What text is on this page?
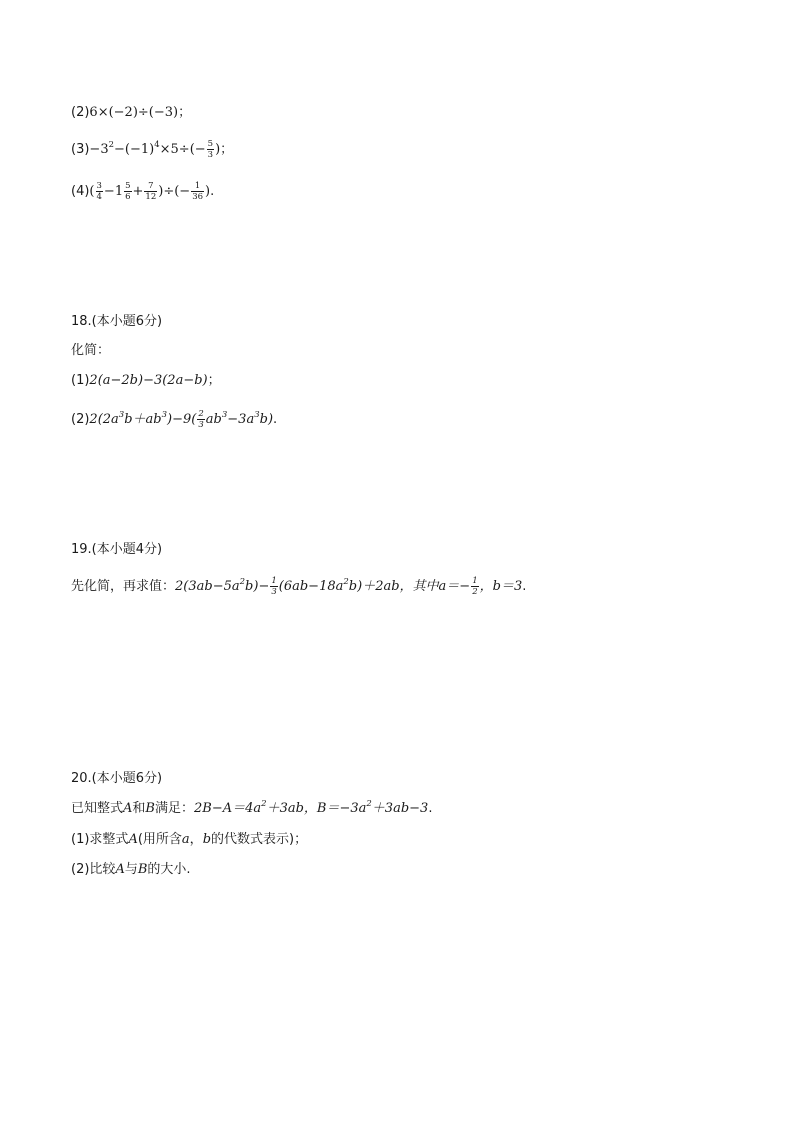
(2)6×(−2)÷(−3)；
$(3)-3^2-(-1)^4\times 5\div(- \frac{5}{3}$ )；
$(4)( \frac{3}{4} -1 \frac{5}{6} + \frac{7}{12}$ )÷(− $\frac{1}{36}$ ).
18.(本小题6分)
化简：
(1)2(a−2b)−3(2a−b)；
$(2)2(2a^3b+ab^3)-9( \frac{2}{3} ab^3-3a^3b)$.
19.(本小题4分)
先化简，再求值：$2(3ab-5a^2b)- \frac{1}{3} (6ab-18a^2b)+2ab$，其中$a=- \frac{1}{2}$ ，b＝3.
20.(本小题6分)
已知整式A和B满足：$2B-A=4a^2+3ab$，$B=-3a^2+3ab-3$.
(1)求整式A(用所含a，b的代数式表示)；
(2)比较A与B的大小.
